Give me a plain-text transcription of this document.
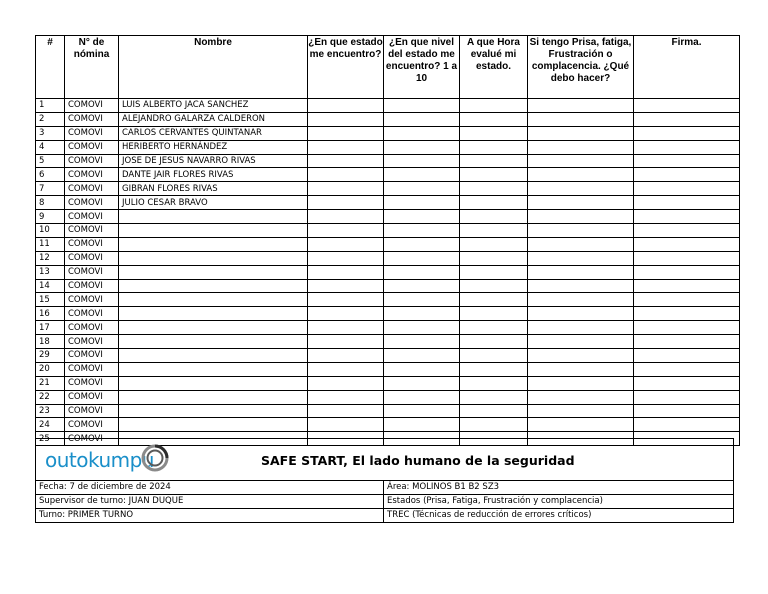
#	N° de nómina	Nombre	¿En que estado me encuentro?	¿En que nivel del estado me encuentro? 1 a 10	A que Hora evalué mi estado.	Si tengo Prisa, fatiga, Frustración o complacencia. ¿Qué debo hacer?	Firma.
1	COMOVI	LUIS ALBERTO JACA SANCHEZ					
2	COMOVI	ALEJANDRO GALARZA CALDERON					
3	COMOVI	CARLOS CERVANTES QUINTANAR					
4	COMOVI	HERIBERTO HERNÁNDEZ					
5	COMOVI	JOSE DE JESUS NAVARRO RIVAS					
6	COMOVI	DANTE JAIR FLORES RIVAS					
7	COMOVI	GIBRAN FLORES RIVAS					
8	COMOVI	JULIO CESAR BRAVO					
9	COMOVI						
10	COMOVI						
11	COMOVI						
12	COMOVI						
13	COMOVI						
14	COMOVI						
15	COMOVI						
16	COMOVI						
17	COMOVI						
18	COMOVI						
29	COMOVI						
20	COMOVI						
21	COMOVI						
22	COMOVI						
23	COMOVI						
24	COMOVI						
25	COMOVI						
outokumpu	SAFE START, El lado humano de la seguridad
Fecha: 7 de diciembre de 2024	Área: MOLINOS B1 B2 SZ3
Supervisor de turno: JUAN DUQUE	Estados (Prisa, Fatiga, Frustración y complacencia)
Turno: PRIMER TURNO	TREC (Técnicas de reducción de errores críticos)
